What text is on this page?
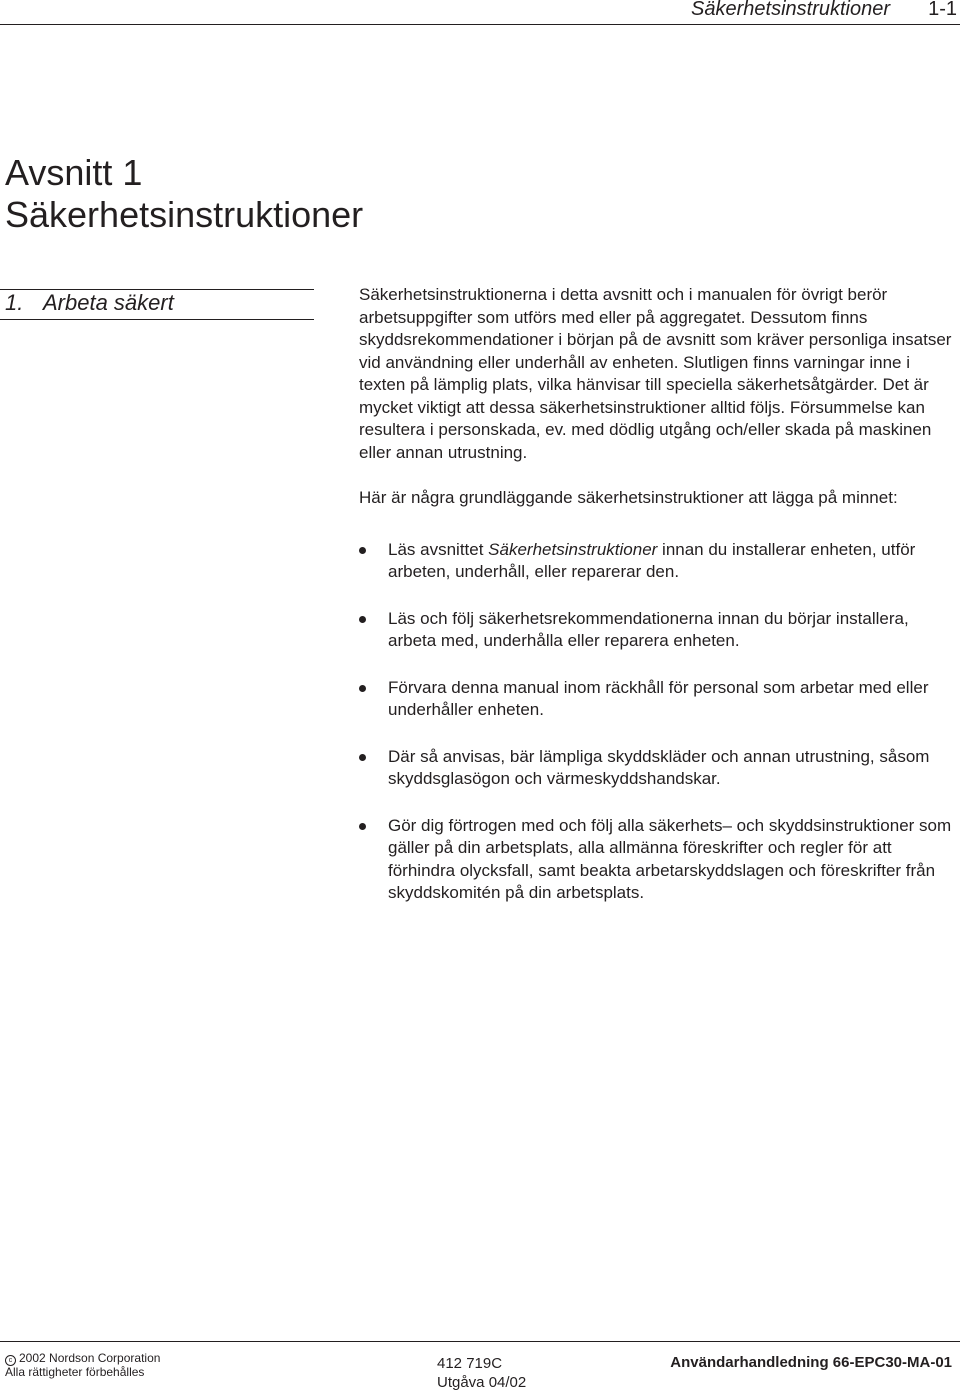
Säkerhetsinstruktioner 1-1
Avsnitt 1
Säkerhetsinstruktioner
1. Arbeta säkert	Säkerhetsinstruktionerna i detta avsnitt och i manualen för övrigt berör arbetsuppgifter som utförs med eller på aggregatet. Dessutom finns skyddsrekommendationer i början på de avsnitt som kräver personliga insatser vid användning eller underhåll av enheten. Slutligen finns varningar inne i texten på lämplig plats, vilka hänvisar till speciella säkerhetsåtgärder. Det är mycket viktigt att dessa säkerhetsinstruktioner alltid följs. Försummelse kan resultera i personskada, ev. med dödlig utgång och/eller skada på maskinen eller annan utrustning.

Här är några grundläggande säkerhetsinstruktioner att lägga på minnet:

Läs avsnittet Säkerhetsinstruktioner innan du installerar enheten, utför arbeten, underhåll, eller reparerar den.
Läs och följ säkerhetsrekommendationerna innan du börjar installera, arbeta med, underhålla eller reparera enheten.
Förvara denna manual inom räckhåll för personal som arbetar med eller underhåller enheten.
Där så anvisas, bär lämpliga skyddskläder och annan utrustning, såsom skyddsglasögon och värmeskyddshandskar.
Gör dig förtrogen med och följ alla säkerhets– och skyddsinstruktioner som gäller på din arbetsplats, alla allmänna föreskrifter och regler för att förhindra olycksfall, samt beakta arbetarskyddslagen och föreskrifter från skyddskomitén på din arbetsplats.
c 2002 Nordson Corporation
Alla rättigheter förbehålles	412 719C
Utgåva 04/02
Användarhandledning 66-EPC30-MA-01
